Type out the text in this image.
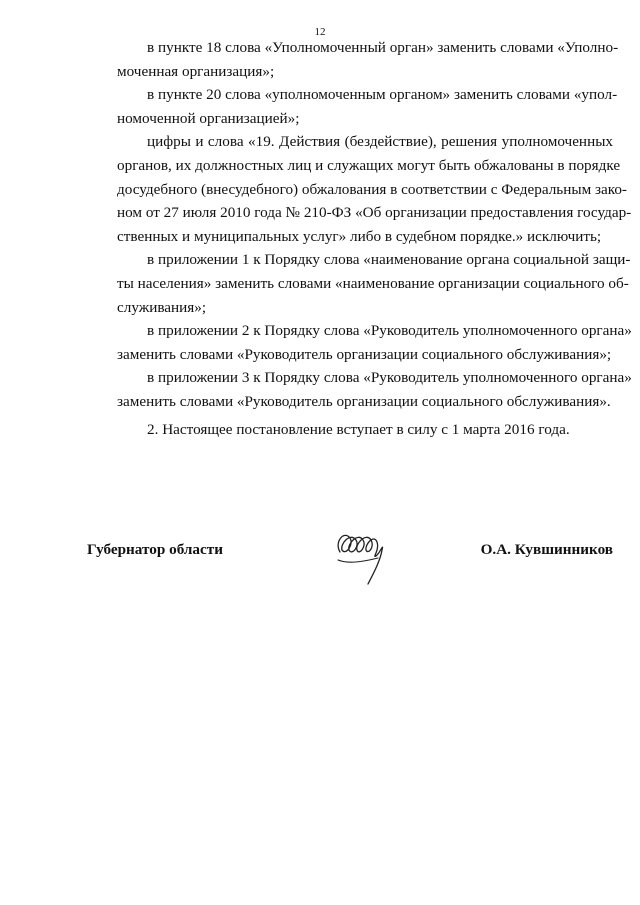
12
в пункте 18 слова «Уполномоченный орган» заменить словами «Уполно-
моченная организация»;
в пункте 20 слова «уполномоченным органом» заменить словами «упол-
номоченной организацией»;
цифры и слова «19. Действия (бездействие), решения уполномоченных
органов, их должностных лиц и служащих могут быть обжалованы в порядке
досудебного (внесудебного) обжалования в соответствии с Федеральным зако-
ном от 27 июля 2010 года № 210-ФЗ «Об организации предоставления государ-
ственных и муниципальных услуг» либо в судебном порядке.» исключить;
в приложении 1 к Порядку слова «наименование органа социальной защи-
ты населения» заменить словами «наименование организации социального об-
служивания»;
в приложении 2 к Порядку слова «Руководитель уполномоченного органа»
заменить словами «Руководитель организации социального обслуживания»;
в приложении 3 к Порядку слова «Руководитель уполномоченного органа»
заменить словами «Руководитель организации социального обслуживания».
2. Настоящее постановление вступает в силу с 1 марта 2016 года.
Губернатор области	О.А. Кувшинников
